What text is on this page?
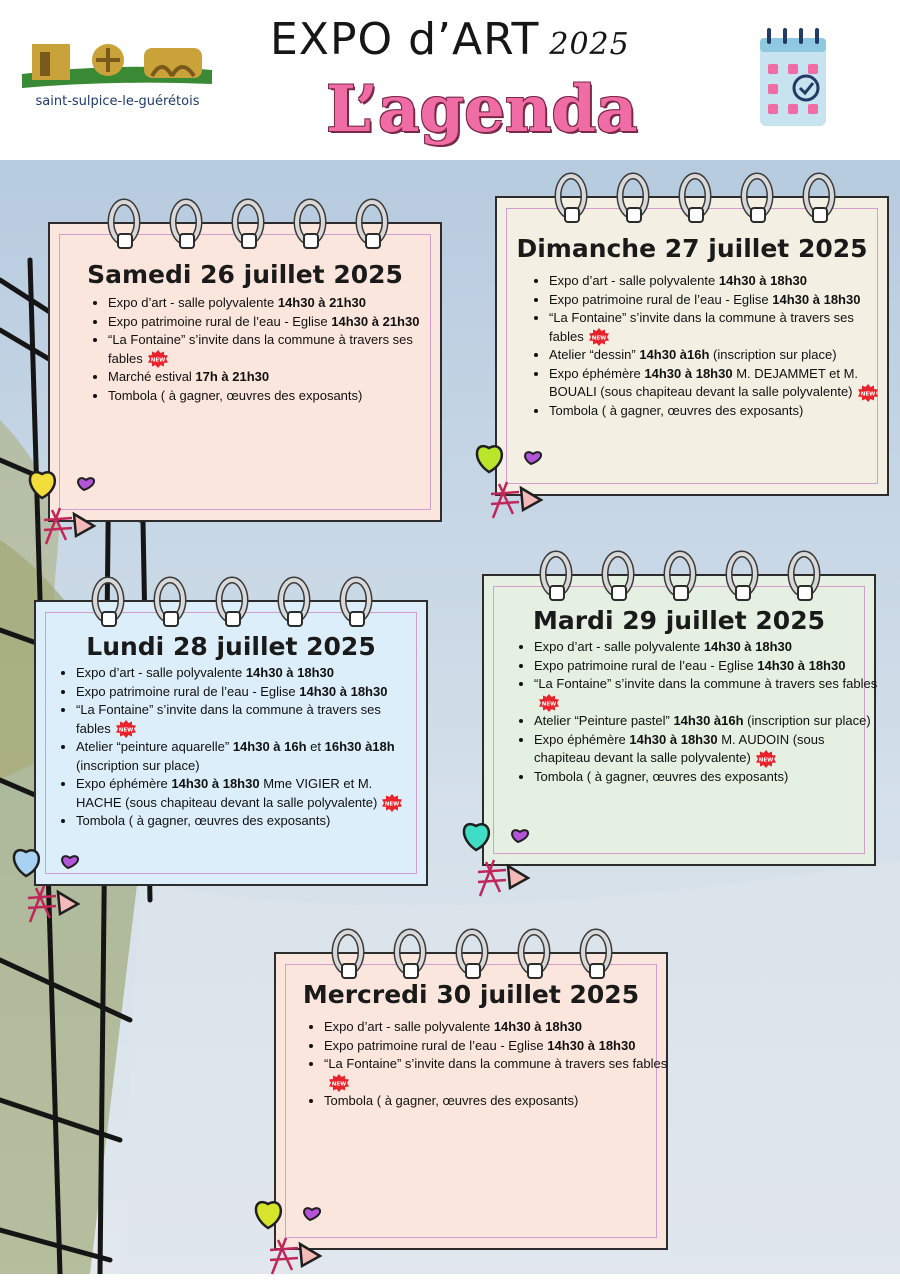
saint-sulpice-le-guérétois
EXPO d’ART 2025
L’agenda
Samedi 26 juillet 2025
• Expo d’art - salle polyvalente 14h30 à 21h30
• Expo patrimoine rural de l’eau - Eglise 14h30 à 21h30
• “La Fontaine” s’invite dans la commune à travers ses fables NEW
• Marché estival 17h à 21h30
• Tombola ( à gagner, œuvres des exposants)
Dimanche 27 juillet 2025
• Expo d’art - salle polyvalente 14h30 à 18h30
• Expo patrimoine rural de l’eau - Eglise 14h30 à 18h30
• “La Fontaine” s’invite dans la commune à travers ses fables NEW
• Atelier “dessin” 14h30 à16h (inscription sur place)
• Expo éphémère 14h30 à 18h30 M. DEJAMMET et M. BOUALI (sous chapiteau devant la salle polyvalente) NEW
• Tombola ( à gagner, œuvres des exposants)
Lundi 28 juillet 2025
• Expo d’art - salle polyvalente 14h30 à 18h30
• Expo patrimoine rural de l’eau - Eglise 14h30 à 18h30
• “La Fontaine” s’invite dans la commune à travers ses fables NEW
• Atelier “peinture aquarelle” 14h30 à 16h et 16h30 à18h (inscription sur place)
• Expo éphémère 14h30 à 18h30 Mme VIGIER et M. HACHE (sous chapiteau devant la salle polyvalente) NEW
• Tombola ( à gagner, œuvres des exposants)
Mardi 29 juillet 2025
• Expo d’art - salle polyvalente 14h30 à 18h30
• Expo patrimoine rural de l’eau - Eglise 14h30 à 18h30
• “La Fontaine” s’invite dans la commune à travers ses fables
NEW
• Atelier “Peinture pastel” 14h30 à16h (inscription sur place)
• Expo éphémère 14h30 à 18h30 M. AUDOIN (sous chapiteau devant la salle polyvalente) NEW
• Tombola ( à gagner, œuvres des exposants)
Mercredi 30 juillet 2025
• Expo d’art - salle polyvalente 14h30 à 18h30
• Expo patrimoine rural de l’eau - Eglise 14h30 à 18h30
• “La Fontaine” s’invite dans la commune à travers ses fables
NEW
• Tombola ( à gagner, œuvres des exposants)
